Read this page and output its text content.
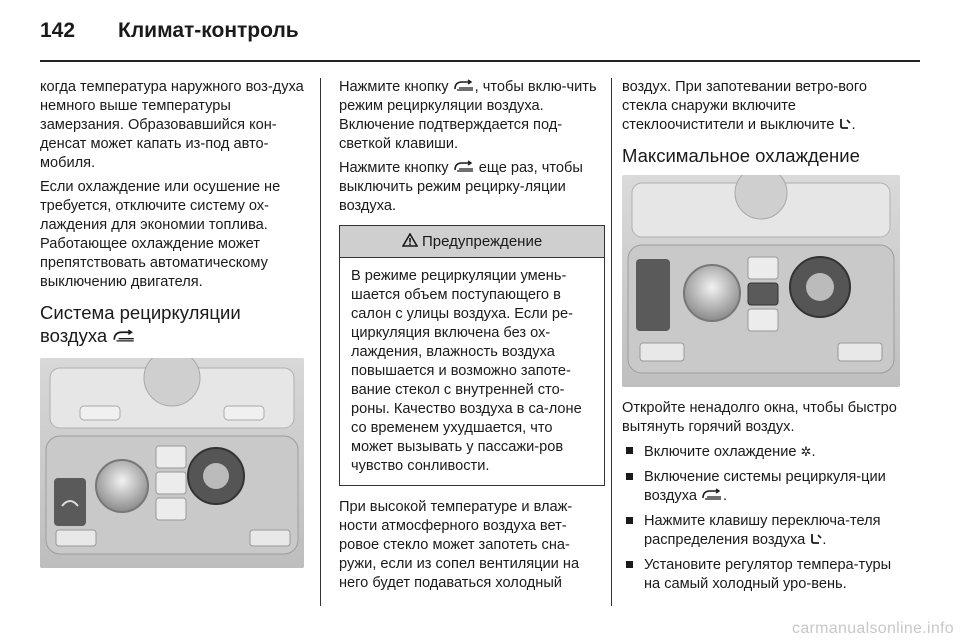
142 Климат-контроль

когда температура наружного воз-духа немного выше температуры замерзания. Образовавшийся кон-денсат может капать из-под авто-мобиля.

Если охлаждение или осушение не требуется, отключите систему ох-лаждения для экономии топлива. Работающее охлаждение может препятствовать автоматическому выключению двигателя.

Система рециркуляции воздуха

Нажмите кнопку , чтобы вклю-чить режим рециркуляции воздуха. Включение подтверждается под-светкой клавиши.

Нажмите кнопку еще раз, чтобы выключить режим рецирку-ляции воздуха.

Предупреждение
В режиме рециркуляции умень-шается объем поступающего в салон с улицы воздуха. Если ре-циркуляция включена без ох-лаждения, влажность воздуха повышается и возможно запоте-вание стекол с внутренней сто-роны. Качество воздуха в са-лоне со временем ухудшается, что может вызывать у пассажи-ров чувство сонливости.

При высокой температуре и влаж-ности атмосферного воздуха вет-ровое стекло может запотеть сна-ружи, если из сопел вентиляции на него будет подаваться холодный

воздух. При запотевании ветро-вого стекла снаружи включите стеклоочистители и выключите .

Максимальное охлаждение

Откройте ненадолго окна, чтобы быстро вытянуть горячий воздух.

Включите охлаждение ✲.
Включение системы рециркуля-ции воздуха .
Нажмите клавишу переключа-теля распределения воздуха .
Установите регулятор темпера-туры на самый холодный уро-вень.
carmanualsonline.info
